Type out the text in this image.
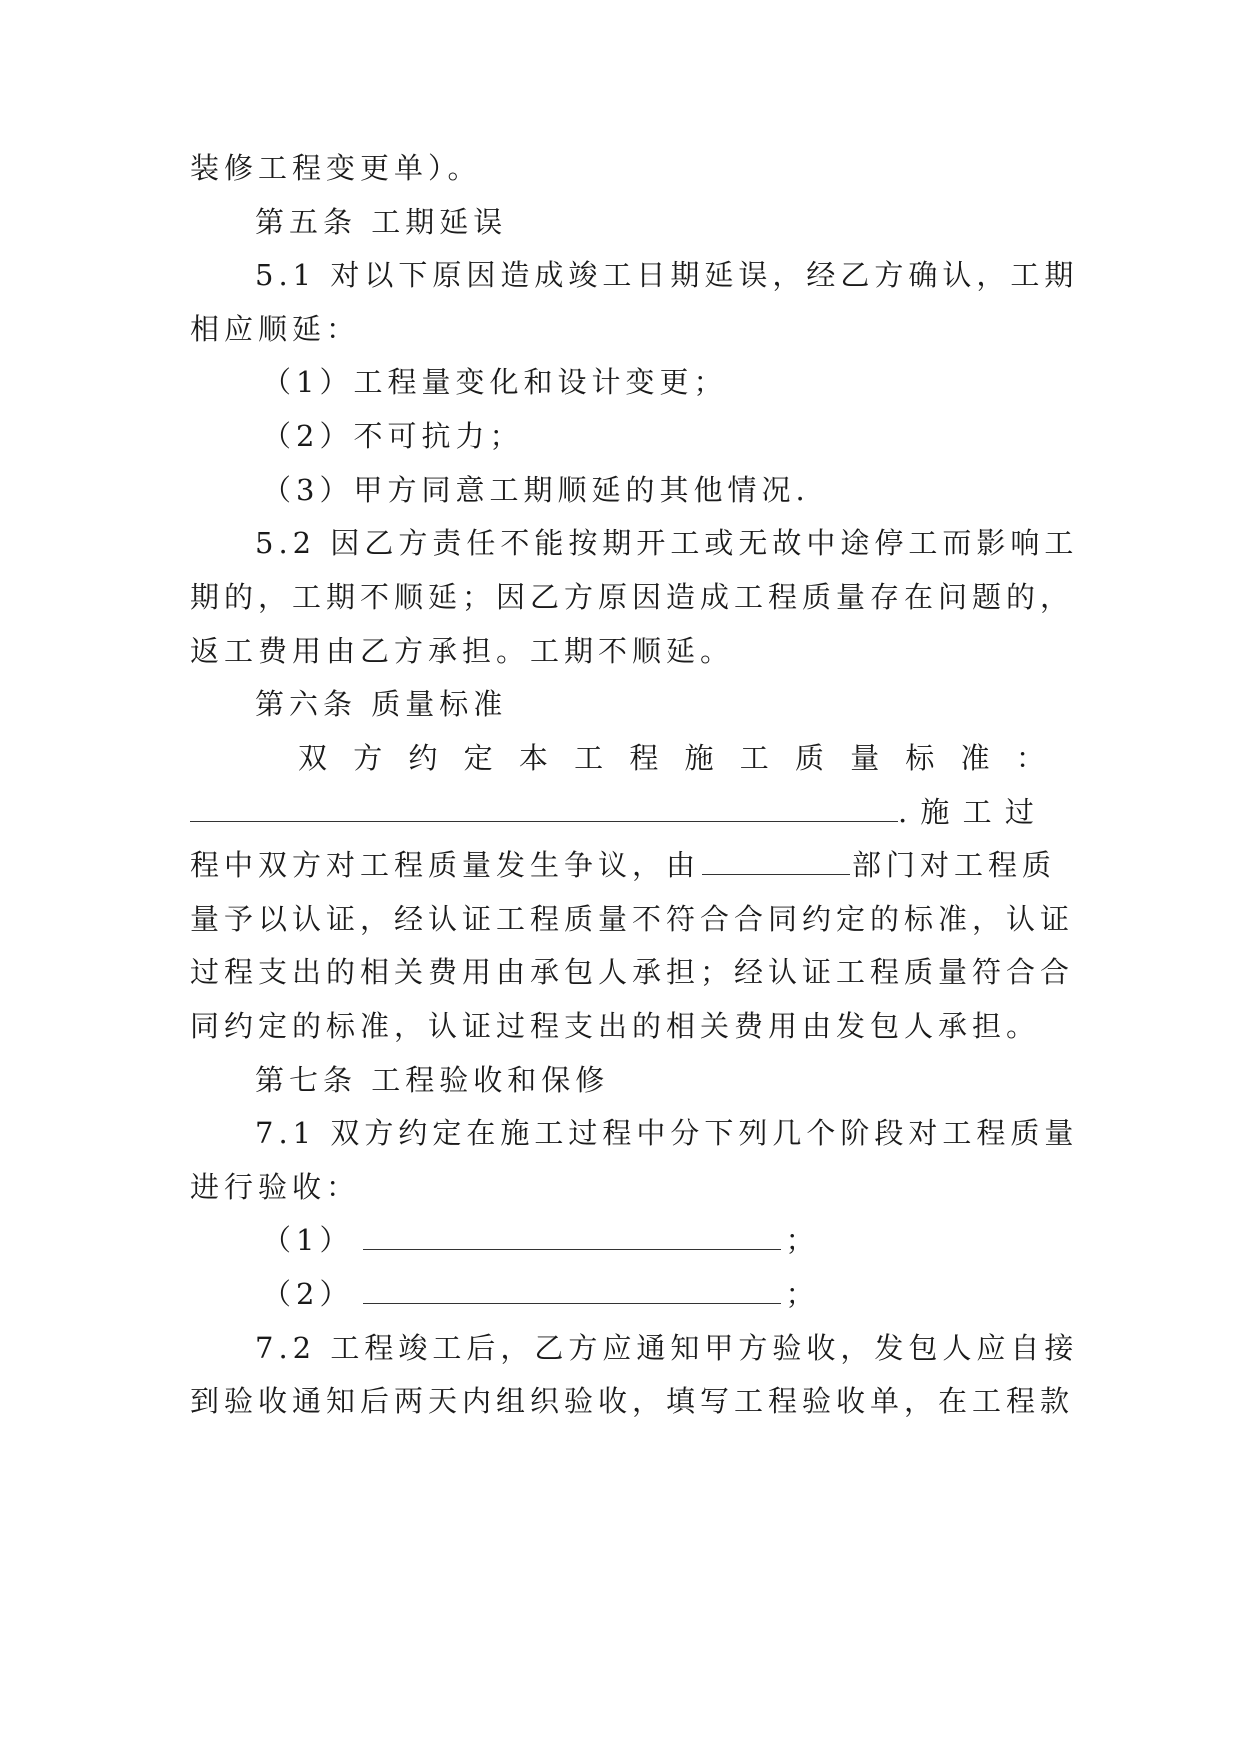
装修工程变更单）。
第五条 工期延误
5.1 对以下原因造成竣工日期延误，经乙方确认，工期
相应顺延：
（1）工程量变化和设计变更；
（2）不可抗力；
（3）甲方同意工期顺延的其他情况.
5.2 因乙方责任不能按期开工或无故中途停工而影响工
期的，工期不顺延；因乙方原因造成工程质量存在问题的，
返工费用由乙方承担。工期不顺延。
第六条 质量标准
双 方 约 定 本 工 程 施 工 质 量 标 准 ：
. 施 工 过
程中双方对工程质量发生争议，由	部门对工程质
量予以认证，经认证工程质量不符合合同约定的标准，认证
过程支出的相关费用由承包人承担；经认证工程质量符合合
同约定的标准，认证过程支出的相关费用由发包人承担。
第七条 工程验收和保修
7.1 双方约定在施工过程中分下列几个阶段对工程质量
进行验收：
（1）	；
（2）	；
7.2 工程竣工后，乙方应通知甲方验收，发包人应自接
到验收通知后两天内组织验收，填写工程验收单，在工程款
